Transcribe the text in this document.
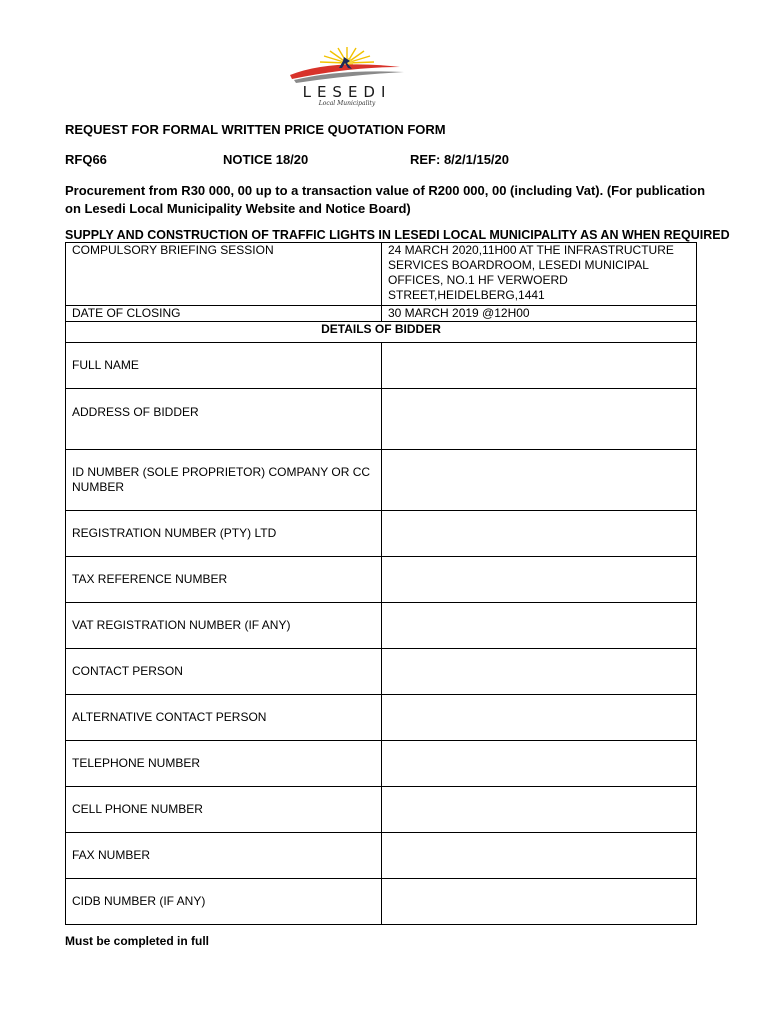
LESEDI
Local Municipality
REQUEST FOR FORMAL WRITTEN PRICE QUOTATION FORM
RFQ66	NOTICE 18/20	REF: 8/2/1/15/20
Procurement from R30 000, 00 up to a transaction value of R200 000, 00 (including Vat). (For publication on Lesedi Local Municipality Website and Notice Board)
SUPPLY AND CONSTRUCTION OF TRAFFIC LIGHTS IN LESEDI LOCAL MUNICIPALITY AS AN WHEN REQUIRED
COMPULSORY BRIEFING SESSION	24 MARCH 2020,11H00 AT THE INFRASTRUCTURE SERVICES BOARDROOM, LESEDI MUNICIPAL OFFICES, NO.1 HF VERWOERD STREET,HEIDELBERG,1441
DATE OF CLOSING	30 MARCH 2019 @12H00
DETAILS OF BIDDER	
FULL NAME	
ADDRESS OF BIDDER	
ID NUMBER (SOLE PROPRIETOR) COMPANY OR CC NUMBER	
REGISTRATION NUMBER (PTY) LTD	
TAX REFERENCE NUMBER	
VAT REGISTRATION NUMBER (IF ANY)	
CONTACT PERSON	
ALTERNATIVE CONTACT PERSON	
TELEPHONE NUMBER	
CELL PHONE NUMBER	
FAX NUMBER	
CIDB NUMBER (IF ANY)	
Must be completed in full
